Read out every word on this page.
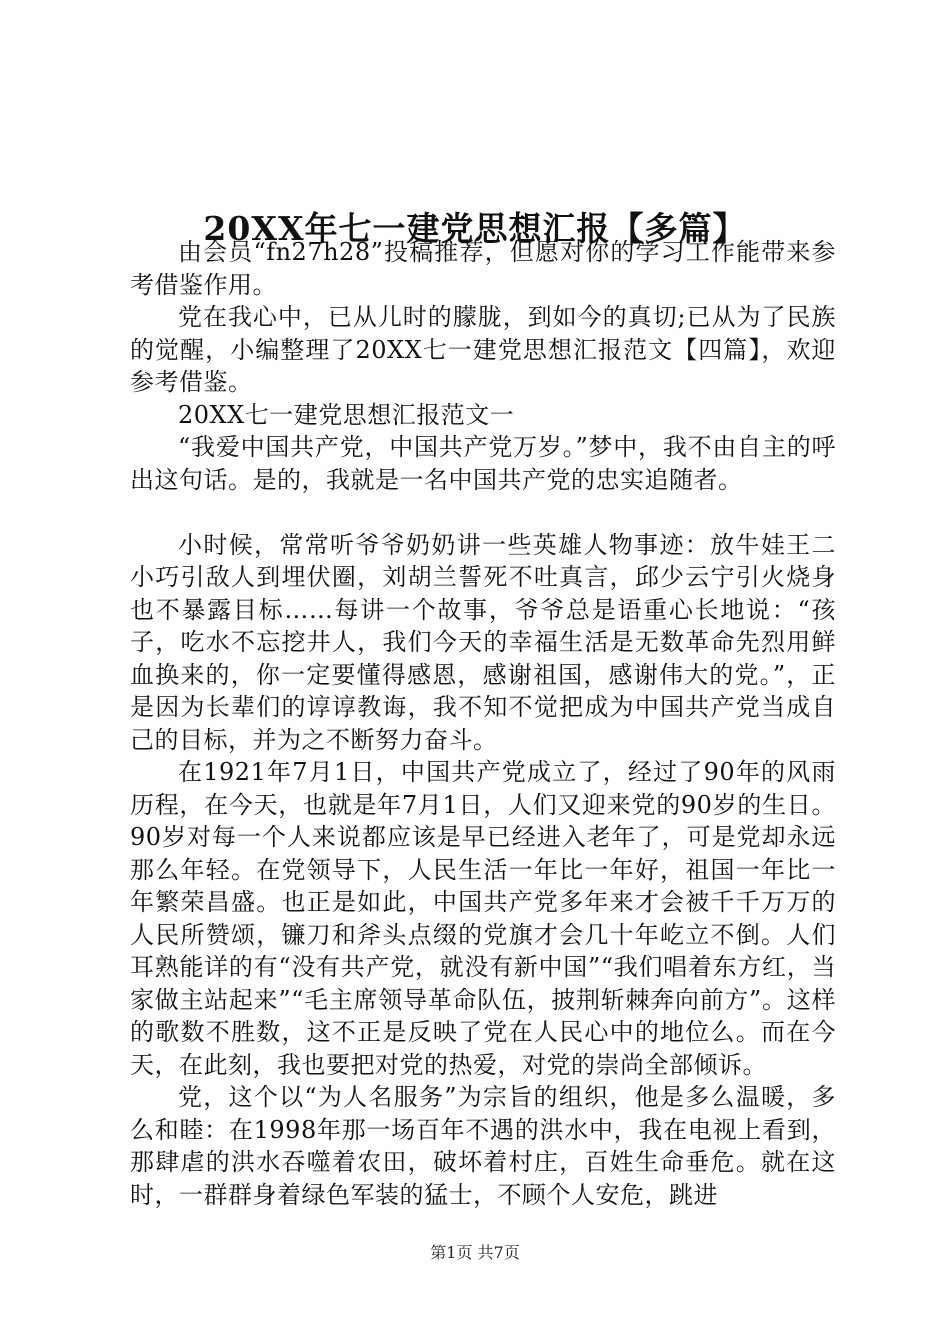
20XX年七一建党思想汇报【多篇】

由会员“fn27h28”投稿推荐，但愿对你的学习工作能带来参考借鉴作用。

党在我心中，已从儿时的朦胧，到如今的真切;已从为了民族的觉醒，小编整理了20XX七一建党思想汇报范文【四篇】，欢迎参考借鉴。

20XX七一建党思想汇报范文一

“我爱中国共产党，中国共产党万岁。”梦中，我不由自主的呼出这句话。是的，我就是一名中国共产党的忠实追随者。

小时候，常常听爷爷奶奶讲一些英雄人物事迹：放牛娃王二小巧引敌人到埋伏圈，刘胡兰誓死不吐真言，邱少云宁引火烧身也不暴露目标……每讲一个故事，爷爷总是语重心长地说：“孩子，吃水不忘挖井人，我们今天的幸福生活是无数革命先烈用鲜血换来的，你一定要懂得感恩，感谢祖国，感谢伟大的党。”，正是因为长辈们的谆谆教诲，我不知不觉把成为中国共产党当成自己的目标，并为之不断努力奋斗。

在1921年7月1日，中国共产党成立了，经过了90年的风雨历程，在今天，也就是年7月1日，人们又迎来党的90岁的生日。90岁对每一个人来说都应该是早已经进入老年了，可是党却永远那么年轻。在党领导下，人民生活一年比一年好，祖国一年比一年繁荣昌盛。也正是如此，中国共产党多年来才会被千千万万的人民所赞颂，镰刀和斧头点缀的党旗才会几十年屹立不倒。人们耳熟能详的有“没有共产党，就没有新中国”“我们唱着东方红，当家做主站起来”“毛主席领导革命队伍，披荆斩棘奔向前方”。这样的歌数不胜数，这不正是反映了党在人民心中的地位么。而在今天，在此刻，我也要把对党的热爱，对党的崇尚全部倾诉。

党，这个以“为人名服务”为宗旨的组织，他是多么温暖，多么和睦：在1998年那一场百年不遇的洪水中，我在电视上看到，那肆虐的洪水吞噬着农田，破坏着村庄，百姓生命垂危。就在这时，一群群身着绿色军装的猛士，不顾个人安危，跳进

第1页 共7页
